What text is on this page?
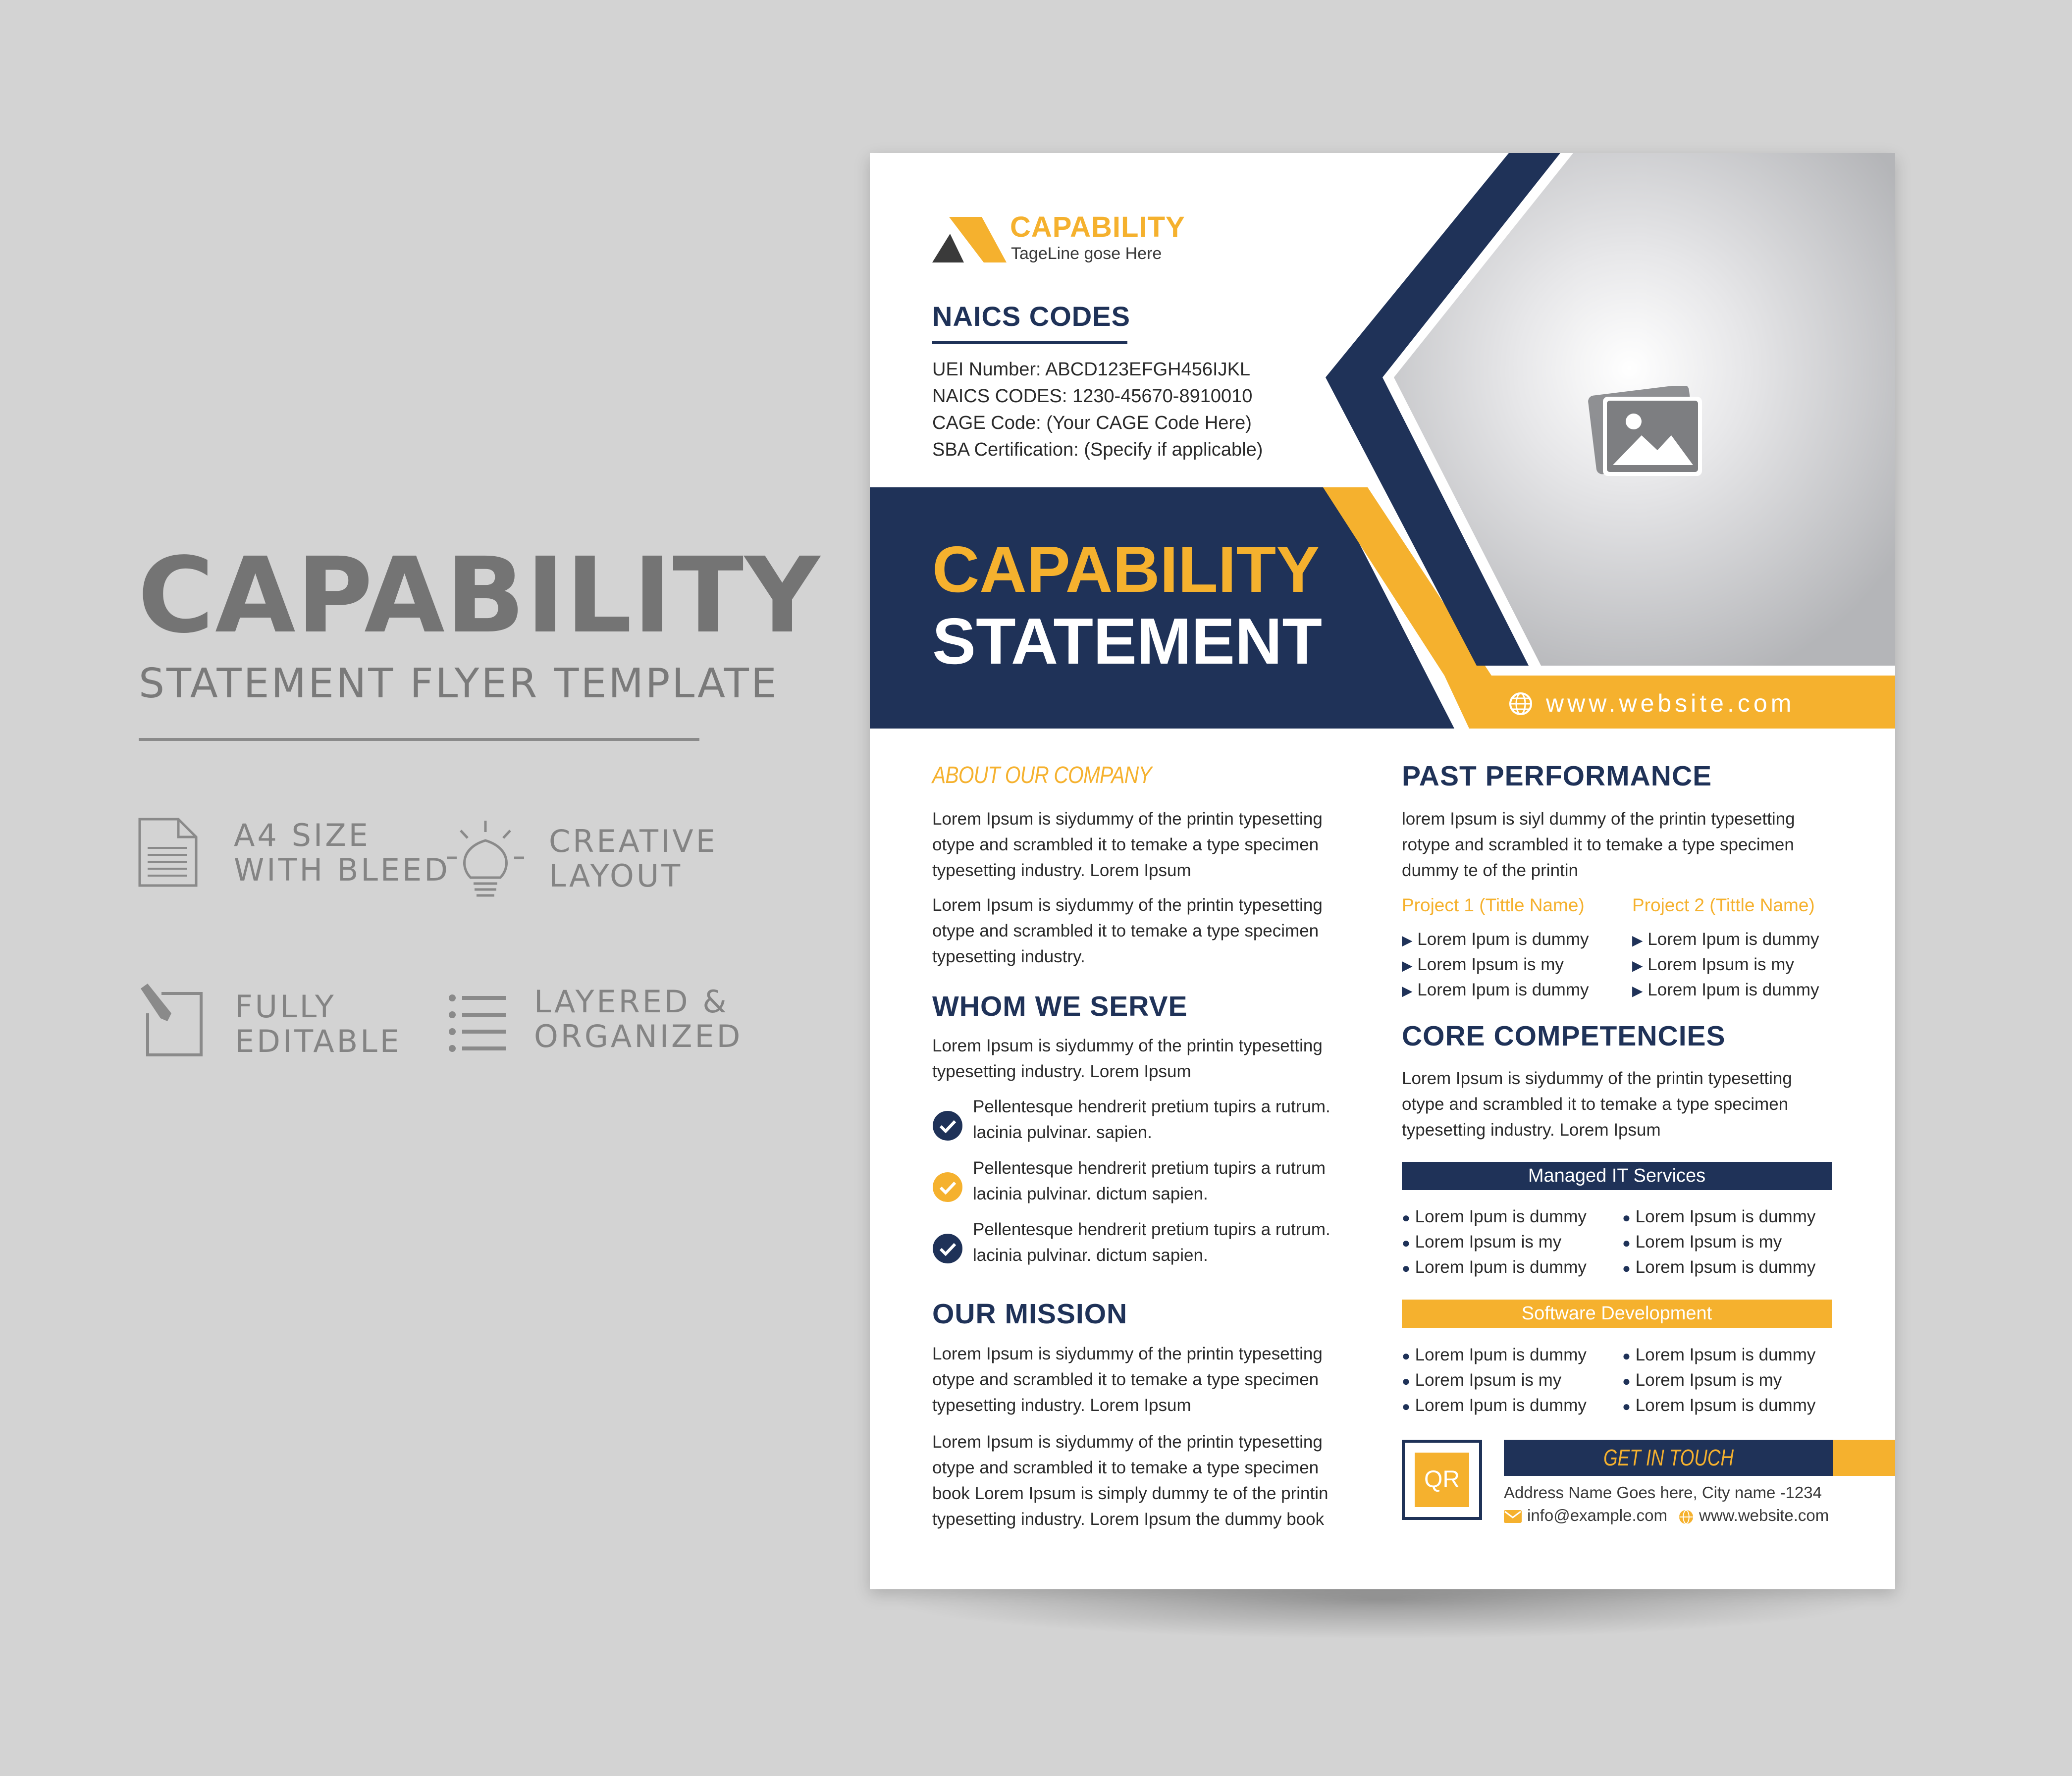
CAPABILITY
STATEMENT FLYER TEMPLATE
A4 SIZE
WITH BLEED
CREATIVE
LAYOUT
FULLY
EDITABLE
LAYERED &
ORGANIZED
CAPABILITY
TageLine gose Here
NAICS CODES
UEI Number: ABCD123EFGH456IJKL
NAICS CODES: 1230-45670-8910010
CAGE Code: (Your CAGE Code Here)
SBA Certification: (Specify if applicable)
CAPABILITY
STATEMENT
www.website.com
ABOUT OUR COMPANY
Lorem Ipsum is siydummy of the printin typesetting
otype and scrambled it to temake a type specimen
typesetting industry. Lorem Ipsum
Lorem Ipsum is siydummy of the printin typesetting
otype and scrambled it to temake a type specimen
typesetting industry.
WHOM WE SERVE
Lorem Ipsum is siydummy of the printin typesetting
typesetting industry. Lorem Ipsum
Pellentesque hendrerit pretium tupirs a rutrum.
lacinia pulvinar. sapien.
Pellentesque hendrerit pretium tupirs a rutrum
lacinia pulvinar. dictum sapien.
Pellentesque hendrerit pretium tupirs a rutrum.
lacinia pulvinar. dictum sapien.
OUR MISSION
Lorem Ipsum is siydummy of the printin typesetting
otype and scrambled it to temake a type specimen
typesetting industry. Lorem Ipsum
Lorem Ipsum is siydummy of the printin typesetting
otype and scrambled it to temake a type specimen
book Lorem Ipsum is simply dummy te of the printin
typesetting industry. Lorem Ipsum the dummy book
PAST PERFORMANCE
lorem Ipsum is siyl dummy of the printin typesetting
rotype and scrambled it to temake a type specimen
dummy te of the printin
Project 1 (Tittle Name)
▶ Lorem Ipum is dummy
▶ Lorem Ipsum is my
▶ Lorem Ipum is dummy
Project 2 (Tittle Name)
▶ Lorem Ipum is dummy
▶ Lorem Ipsum is my
▶ Lorem Ipum is dummy
CORE COMPETENCIES
Lorem Ipsum is siydummy of the printin typesetting
otype and scrambled it to temake a type specimen
typesetting industry. Lorem Ipsum
Managed IT Services
● Lorem Ipum is dummy
● Lorem Ipsum is my
● Lorem Ipum is dummy
● Lorem Ipsum is dummy
● Lorem Ipsum is my
● Lorem Ipsum is dummy
Software Development
● Lorem Ipum is dummy
● Lorem Ipsum is my
● Lorem Ipum is dummy
● Lorem Ipsum is dummy
● Lorem Ipsum is my
● Lorem Ipsum is dummy
QR
GET IN TOUCH
Address Name Goes here, City name -1234
info@example.com www.website.com
